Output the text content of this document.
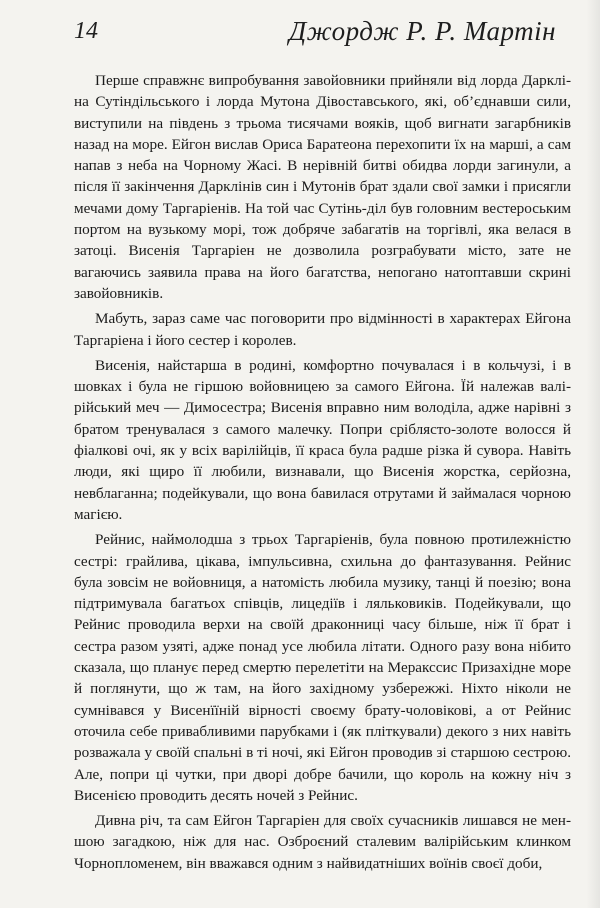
14	Джордж Р. Р. Мартін

Перше справжнє випробування завойовники прийняли від лорда Даркліна Сутіндільського і лорда Мутона Дівоставського, які, об’єднавши сили, виступили на південь з трьома тисячами вояків, щоб вигнати загарбників назад на море. Ейгон вислав Ориса Баратеона перехопити їх на марші, а сам напав з неба на Чорному Жасі. В нерівній битві обидва лорди загинули, а після її закінчення Дарклінів син і Мутонів брат здали свої замки і присягли мечами дому Таргаріенів. На той час Сутінь-діл був головним вестероським портом на вузькому морі, тож добряче забагатів на торгівлі, яка велася в затоці. Висенія Таргаріен не дозволила розграбувати місто, зате не вагаючись заявила права на його багатства, непогано натоптавши скрині завойовників.

Мабуть, зараз саме час поговорити про відмінності в характерах Ейгона Таргаріена і його сестер і королев.

Висенія, найстарша в родині, комфортно почувалася і в кольчузі, і в шовках і була не гіршою войовницею за самого Ейгона. Їй належав валірійський меч — Димосестра; Висенія вправно ним володіла, адже нарівні з братом тренувалася з самого малечку. Попри сріблясто-золоте волосся й фіалкові очі, як у всіх варілійців, її краса була радше різка й сувора. Навіть люди, які щиро її любили, визнавали, що Висенія жорстка, серйозна, невблаганна; подейкували, що вона бавилася отрутами й займалася чорною магією.

Рейнис, наймолодша з трьох Таргаріенів, була повною протилежністю сестрі: грайлива, цікава, імпульсивна, схильна до фантазування. Рейнис була зовсім не войовниця, а натомість любила музику, танці й поезію; вона підтримувала багатьох співців, лицедіїв і ляльковиків. Подейкували, що Рейнис проводила верхи на своїй драконниці часу більше, ніж її брат і сестра разом узяті, адже понад усе любила літати. Одного разу вона нібито сказала, що планує перед смертю перелетіти на Меракссис Призахідне море й поглянути, що ж там, на його західному узбережжі. Ніхто ніколи не сумнівався у Висенїїній вірності своєму брату-чоловікові, а от Рейнис оточила себе привабливими парубками і (як пліткували) декого з них навіть розважала у своїй спальні в ті ночі, які Ейгон проводив зі старшою сестрою. Але, попри ці чутки, при дворі добре бачили, що король на кожну ніч з Висенією проводить десять ночей з Рейнис.

Дивна річ, та сам Ейгон Таргаріен для своїх сучасників лишався не меншою загадкою, ніж для нас. Озброєний сталевим валірійським клинком Чорнопломенем, він вважався одним з найвидатніших воїнів своєї доби,
